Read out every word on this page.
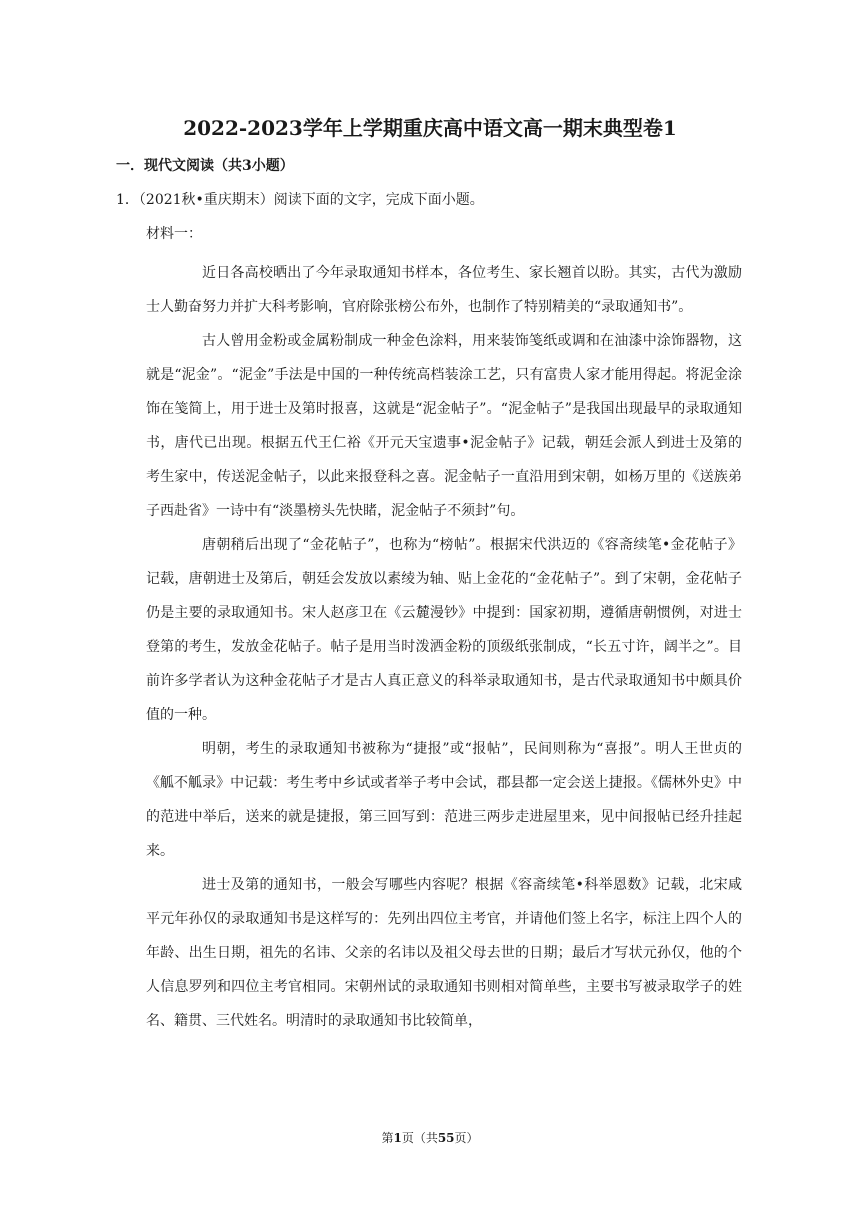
2022-2023学年上学期重庆高中语文高一期末典型卷1
一．现代文阅读（共3小题）
1．（2021秋•重庆期末）阅读下面的文字，完成下面小题。
材料一：

近日各高校晒出了今年录取通知书样本，各位考生、家长翘首以盼。其实，古代为激励士人勤奋努力并扩大科考影响，官府除张榜公布外，也制作了特别精美的“录取通知书”。

古人曾用金粉或金属粉制成一种金色涂料，用来装饰笺纸或调和在油漆中涂饰器物，这就是“泥金”。“泥金”手法是中国的一种传统高档装涂工艺，只有富贵人家才能用得起。将泥金涂饰在笺简上，用于进士及第时报喜，这就是“泥金帖子”。“泥金帖子”是我国出现最早的录取通知书，唐代已出现。根据五代王仁裕《开元天宝遗事•泥金帖子》记载，朝廷会派人到进士及第的考生家中，传送泥金帖子，以此来报登科之喜。泥金帖子一直沿用到宋朝，如杨万里的《送族弟子西赴省》一诗中有“淡墨榜头先快睹，泥金帖子不须封”句。

唐朝稍后出现了“金花帖子”，也称为“榜帖”。根据宋代洪迈的《容斋续笔•金花帖子》记载，唐朝进士及第后，朝廷会发放以素绫为轴、贴上金花的“金花帖子”。到了宋朝，金花帖子仍是主要的录取通知书。宋人赵彦卫在《云麓漫钞》中提到：国家初期，遵循唐朝惯例，对进士登第的考生，发放金花帖子。帖子是用当时泼洒金粉的顶级纸张制成，“长五寸许，阔半之”。目前许多学者认为这种金花帖子才是古人真正意义的科举录取通知书，是古代录取通知书中颇具价值的一种。

明朝，考生的录取通知书被称为“捷报”或“报帖”，民间则称为“喜报”。明人王世贞的《觚不觚录》中记载：考生考中乡试或者举子考中会试，郡县都一定会送上捷报。《儒林外史》中的范进中举后，送来的就是捷报，第三回写到：范进三两步走进屋里来，见中间报帖已经升挂起来。

进士及第的通知书，一般会写哪些内容呢？根据《容斋续笔•科举恩数》记载，北宋咸平元年孙仅的录取通知书是这样写的：先列出四位主考官，并请他们签上名字，标注上四个人的年龄、出生日期，祖先的名讳、父亲的名讳以及祖父母去世的日期；最后才写状元孙仅，他的个人信息罗列和四位主考官相同。宋朝州试的录取通知书则相对简单些，主要书写被录取学子的姓名、籍贯、三代姓名。明清时的录取通知书比较简单，

第1页（共55页）
